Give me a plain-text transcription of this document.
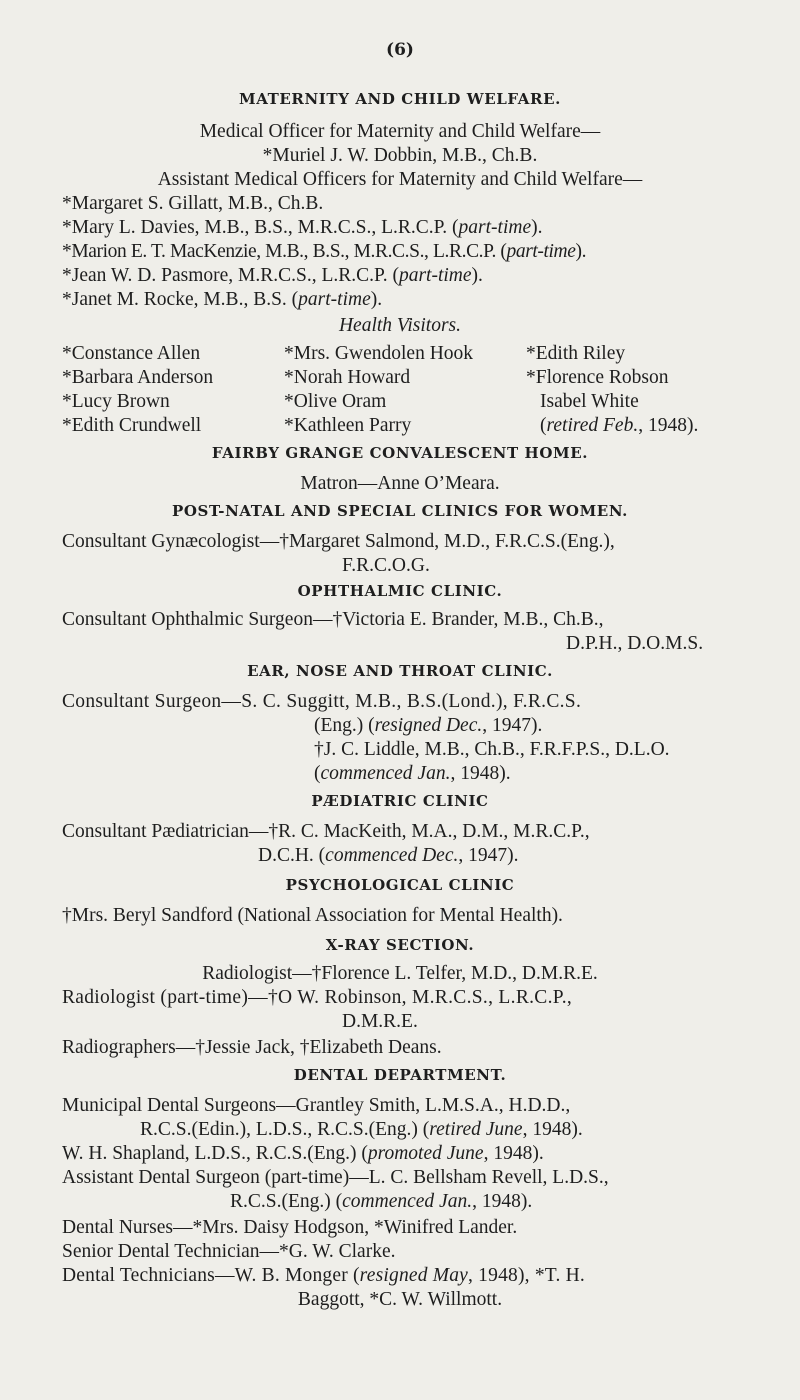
(6)
MATERNITY AND CHILD WELFARE.
Medical Officer for Maternity and Child Welfare—
*Muriel J. W. Dobbin, M.B., Ch.B.
Assistant Medical Officers for Maternity and Child Welfare—
*Margaret S. Gillatt, M.B., Ch.B.
*Mary L. Davies, M.B., B.S., M.R.C.S., L.R.C.P. (part-time).
*Marion E. T. MacKenzie, M.B., B.S., M.R.C.S., L.R.C.P. (part-time).
*Jean W. D. Pasmore, M.R.C.S., L.R.C.P. (part-time).
*Janet M. Rocke, M.B., B.S. (part-time).
Health Visitors.
*Constance Allen
*Barbara Anderson
*Lucy Brown
*Edith Crundwell
*Mrs. Gwendolen Hook
*Norah Howard
*Olive Oram
*Kathleen Parry
*Edith Riley
*Florence Robson
Isabel White
(retired Feb., 1948).
FAIRBY GRANGE CONVALESCENT HOME.
Matron—Anne O’Meara.
POST-NATAL AND SPECIAL CLINICS FOR WOMEN.
Consultant Gynæcologist—†Margaret Salmond, M.D., F.R.C.S.(Eng.),
F.R.C.O.G.
OPHTHALMIC CLINIC.
Consultant Ophthalmic Surgeon—†Victoria E. Brander, M.B., Ch.B.,
D.P.H., D.O.M.S.
EAR, NOSE AND THROAT CLINIC.
Consultant Surgeon—S. C. Suggitt, M.B., B.S.(Lond.), F.R.C.S.
(Eng.) (resigned Dec., 1947).
†J. C. Liddle, M.B., Ch.B., F.R.F.P.S., D.L.O.
(commenced Jan., 1948).
PÆDIATRIC CLINIC
Consultant Pædiatrician—†R. C. MacKeith, M.A., D.M., M.R.C.P.,
D.C.H. (commenced Dec., 1947).
PSYCHOLOGICAL CLINIC
†Mrs. Beryl Sandford (National Association for Mental Health).
X-RAY SECTION.
Radiologist—†Florence L. Telfer, M.D., D.M.R.E.
Radiologist (part-time)—†O W. Robinson, M.R.C.S., L.R.C.P.,
D.M.R.E.
Radiographers—†Jessie Jack, †Elizabeth Deans.
DENTAL DEPARTMENT.
Municipal Dental Surgeons—Grantley Smith, L.M.S.A., H.D.D.,
R.C.S.(Edin.), L.D.S., R.C.S.(Eng.) (retired June, 1948).
W. H. Shapland, L.D.S., R.C.S.(Eng.) (promoted June, 1948).
Assistant Dental Surgeon (part-time)—L. C. Bellsham Revell, L.D.S.,
R.C.S.(Eng.) (commenced Jan., 1948).
Dental Nurses—*Mrs. Daisy Hodgson, *Winifred Lander.
Senior Dental Technician—*G. W. Clarke.
Dental Technicians—W. B. Monger (resigned May, 1948), *T. H.
Baggott, *C. W. Willmott.
